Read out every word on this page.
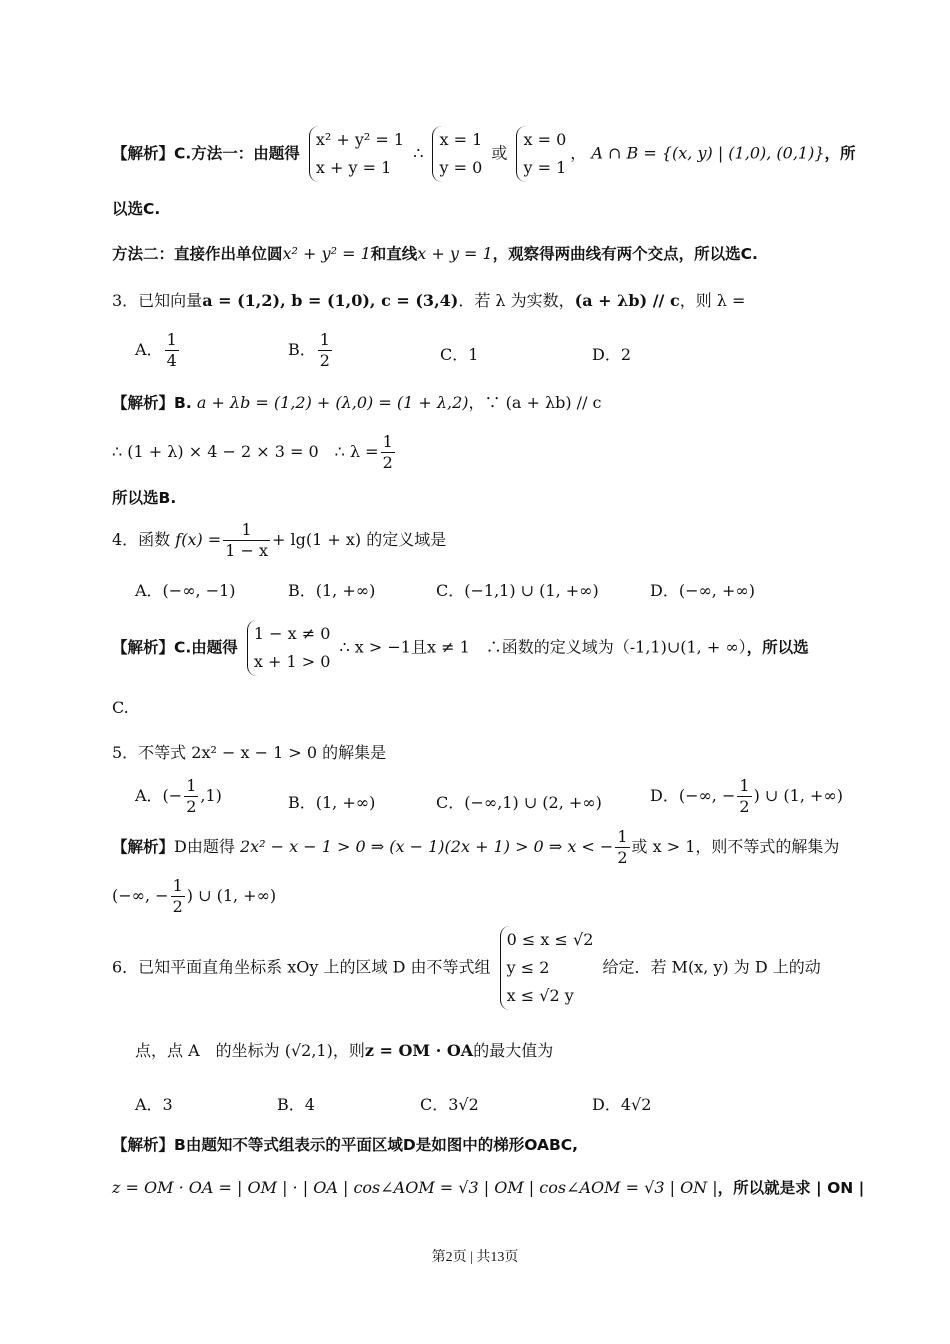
【解析】C.方法一：由题得
x² + y² = 1
x + y = 1
∴
x = 1
y = 0
或
x = 0
y = 1
， A ∩ B = {(x, y) | (1,0), (0,1)}，所
以选C.
方法二：直接作出单位圆x² + y² = 1和直线x + y = 1，观察得两曲线有两个交点，所以选C.
3．已知向量a = (1,2), b = (1,0), c = (3,4)．若 λ 为实数，(a + λb) // c，则 λ =
A． $\frac{1}{4}$	B． $\frac{1}{2}$	C．1	D．2
【解析】B. a + λb = (1,2) + (λ,0) = (1 + λ,2)，∵ (a + λb) // c
∴ (1 + λ) × 4 − 2 × 3 = 0　∴ $\lambda = \frac{1}{2}$
所以选B.
4．函数 $f(x) = \frac{1}{1 - x} + \lg(1 + x)$ 的定义域是
A．(−∞, −1)	B．(1, +∞)	C．(−1,1) ∪ (1, +∞)	D．(−∞, +∞)
【解析】C.由题得
1 − x ≠ 0
x + 1 > 0
∴ x > −1且x ≠ 1　∴函数的定义域为（-1,1)∪(1, + ∞），所以选
C.
5．不等式 2x² − x − 1 > 0 的解集是
A．(− $\frac{1}{2} ,1$)	B．(1, +∞)	C．(−∞,1) ∪ (2, +∞)	D．(−∞, − $\frac{1}{2}$ ) ∪ (1, +∞)
【解析】D由题得 2x² − x − 1 > 0 ⇒ (x − 1)(2x + 1) > 0 ⇒ x < − $\frac{1}{2}$ 或 x > 1，则不等式的解集为
(−∞, − $\frac{1}{2}$ ) ∪ (1, +∞)
6．已知平面直角坐标系 xOy 上的区域 D 由不等式组
0 ≤ x ≤ √2
y ≤ 2
x ≤ √2 y
给定．若 M(x, y) 为 D 上的动
点，点 A　的坐标为 (√2,1)，则z = OM · OA的最大值为
A．3	B．4	C．3√2	D．4√2
【解析】B由题知不等式组表示的平面区域D是如图中的梯形OABC,
z = OM · OA = | OM | · | OA | cos∠AOM = √3 | OM | cos∠AOM = √3 | ON |，所以就是求 | ON |
第2页 | 共13页
